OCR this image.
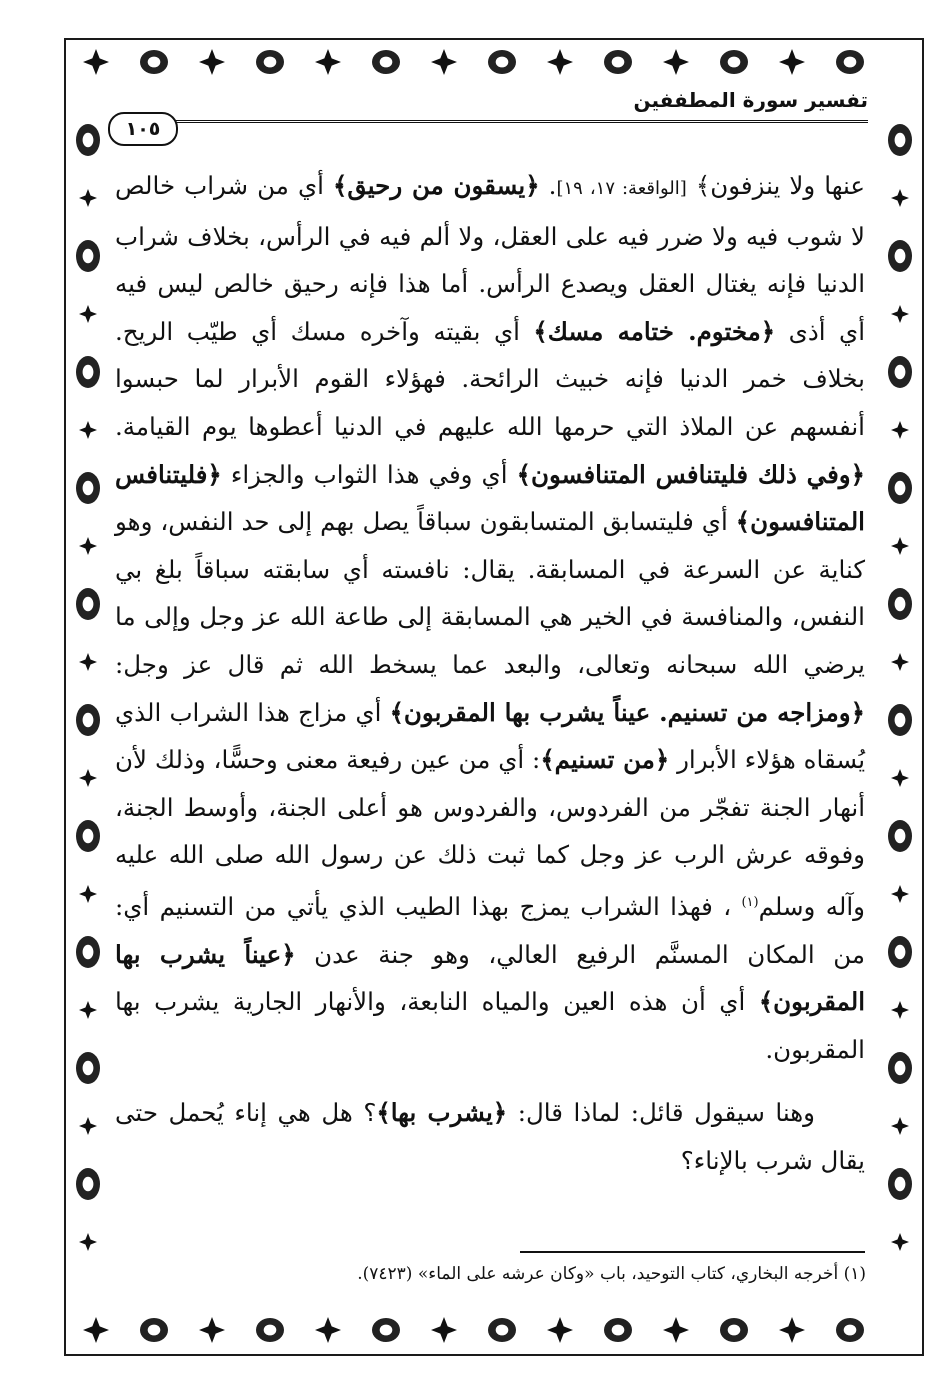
تفسير سورة المطففين
١٠٥

عنها ولا ينزفون﴾ [الواقعة: ١٧، ١٩]. ﴿يسقون من رحيق﴾ أي من شراب خالص لا شوب فيه ولا ضرر فيه على العقل، ولا ألم فيه في الرأس، بخلاف شراب الدنيا فإنه يغتال العقل ويصدع الرأس. أما هذا فإنه رحيق خالص ليس فيه أي أذى ﴿مختوم. ختامه مسك﴾ أي بقيته وآخره مسك أي طيّب الريح. بخلاف خمر الدنيا فإنه خبيث الرائحة. فهؤلاء القوم الأبرار لما حبسوا أنفسهم عن الملاذ التي حرمها الله عليهم في الدنيا أعطوها يوم القيامة. ﴿وفي ذلك فليتنافس المتنافسون﴾ أي وفي هذا الثواب والجزاء ﴿فليتنافس المتنافسون﴾ أي فليتسابق المتسابقون سباقاً يصل بهم إلى حد النفس، وهو كناية عن السرعة في المسابقة. يقال: نافسته أي سابقته سباقاً بلغ بي النفس، والمنافسة في الخير هي المسابقة إلى طاعة الله عز وجل وإلى ما يرضي الله سبحانه وتعالى، والبعد عما يسخط الله ثم قال عز وجل: ﴿ومزاجه من تسنيم. عيناً يشرب بها المقربون﴾ أي مزاج هذا الشراب الذي يُسقاه هؤلاء الأبرار ﴿من تسنيم﴾: أي من عين رفيعة معنى وحسًّا، وذلك لأن أنهار الجنة تفجّر من الفردوس، والفردوس هو أعلى الجنة، وأوسط الجنة، وفوقه عرش الرب عز وجل كما ثبت ذلك عن رسول الله صلى الله عليه وآله وسلم$^{(١)}$ ، فهذا الشراب يمزج بهذا الطيب الذي يأتي من التسنيم أي: من المكان المسنَّم الرفيع العالي، وهو جنة عدن ﴿عيناً يشرب بها المقربون﴾ أي أن هذه العين والمياه النابعة، والأنهار الجارية يشرب بها المقربون.

وهنا سيقول قائل: لماذا قال: ﴿يشرب بها﴾؟ هل هي إناء يُحمل حتى يقال شرب بالإناء؟

(١) أخرجه البخاري، كتاب التوحيد، باب «وكان عرشه على الماء» (٧٤٢٣).
